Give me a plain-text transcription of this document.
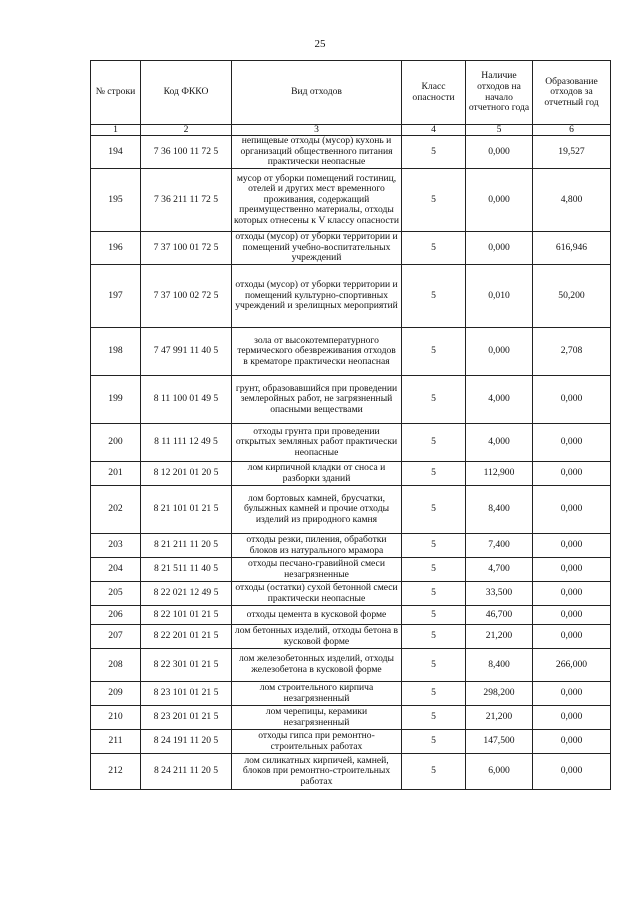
25
№ строки	Код ФККО	Вид отходов	Класс опасности	Наличие отходов на начало отчетного года	Образование отходов за отчетный год
1	2	3	4	5	6
194	7 36 100 11 72 5	непищевые отходы (мусор) кухонь и организаций общественного питания практически неопасные	5	0,000	19,527
195	7 36 211 11 72 5	мусор от уборки помещений гостиниц, отелей и других мест временного проживания, содержащий преимущественно материалы, отходы которых отнесены к V классу опасности	5	0,000	4,800
196	7 37 100 01 72 5	отходы (мусор) от уборки территории и помещений учебно-воспитательных учреждений	5	0,000	616,946
197	7 37 100 02 72 5	отходы (мусор) от уборки территории и помещений культурно-спортивных учреждений и зрелищных мероприятий	5	0,010	50,200
198	7 47 991 11 40 5	зола от высокотемпературного термического обезвреживания отходов в крематоре практически неопасная	5	0,000	2,708
199	8 11 100 01 49 5	грунт, образовавшийся при проведении землеройных работ, не загрязненный опасными веществами	5	4,000	0,000
200	8 11 111 12 49 5	отходы грунта при проведении открытых земляных работ практически неопасные	5	4,000	0,000
201	8 12 201 01 20 5	лом кирпичной кладки от сноса и разборки зданий	5	112,900	0,000
202	8 21 101 01 21 5	лом бортовых камней, брусчатки, булыжных камней и прочие отходы изделий из природного камня	5	8,400	0,000
203	8 21 211 11 20 5	отходы резки, пиления, обработки блоков из натурального мрамора	5	7,400	0,000
204	8 21 511 11 40 5	отходы песчано-гравийной смеси незагрязненные	5	4,700	0,000
205	8 22 021 12 49 5	отходы (остатки) сухой бетонной смеси практически неопасные	5	33,500	0,000
206	8 22 101 01 21 5	отходы цемента в кусковой форме	5	46,700	0,000
207	8 22 201 01 21 5	лом бетонных изделий, отходы бетона в кусковой форме	5	21,200	0,000
208	8 22 301 01 21 5	лом железобетонных изделий, отходы железобетона в кусковой форме	5	8,400	266,000
209	8 23 101 01 21 5	лом строительного кирпича незагрязненный	5	298,200	0,000
210	8 23 201 01 21 5	лом черепицы, керамики незагрязненный	5	21,200	0,000
211	8 24 191 11 20 5	отходы гипса при ремонтно-строительных работах	5	147,500	0,000
212	8 24 211 11 20 5	лом силикатных кирпичей, камней, блоков при ремонтно-строительных работах	5	6,000	0,000
